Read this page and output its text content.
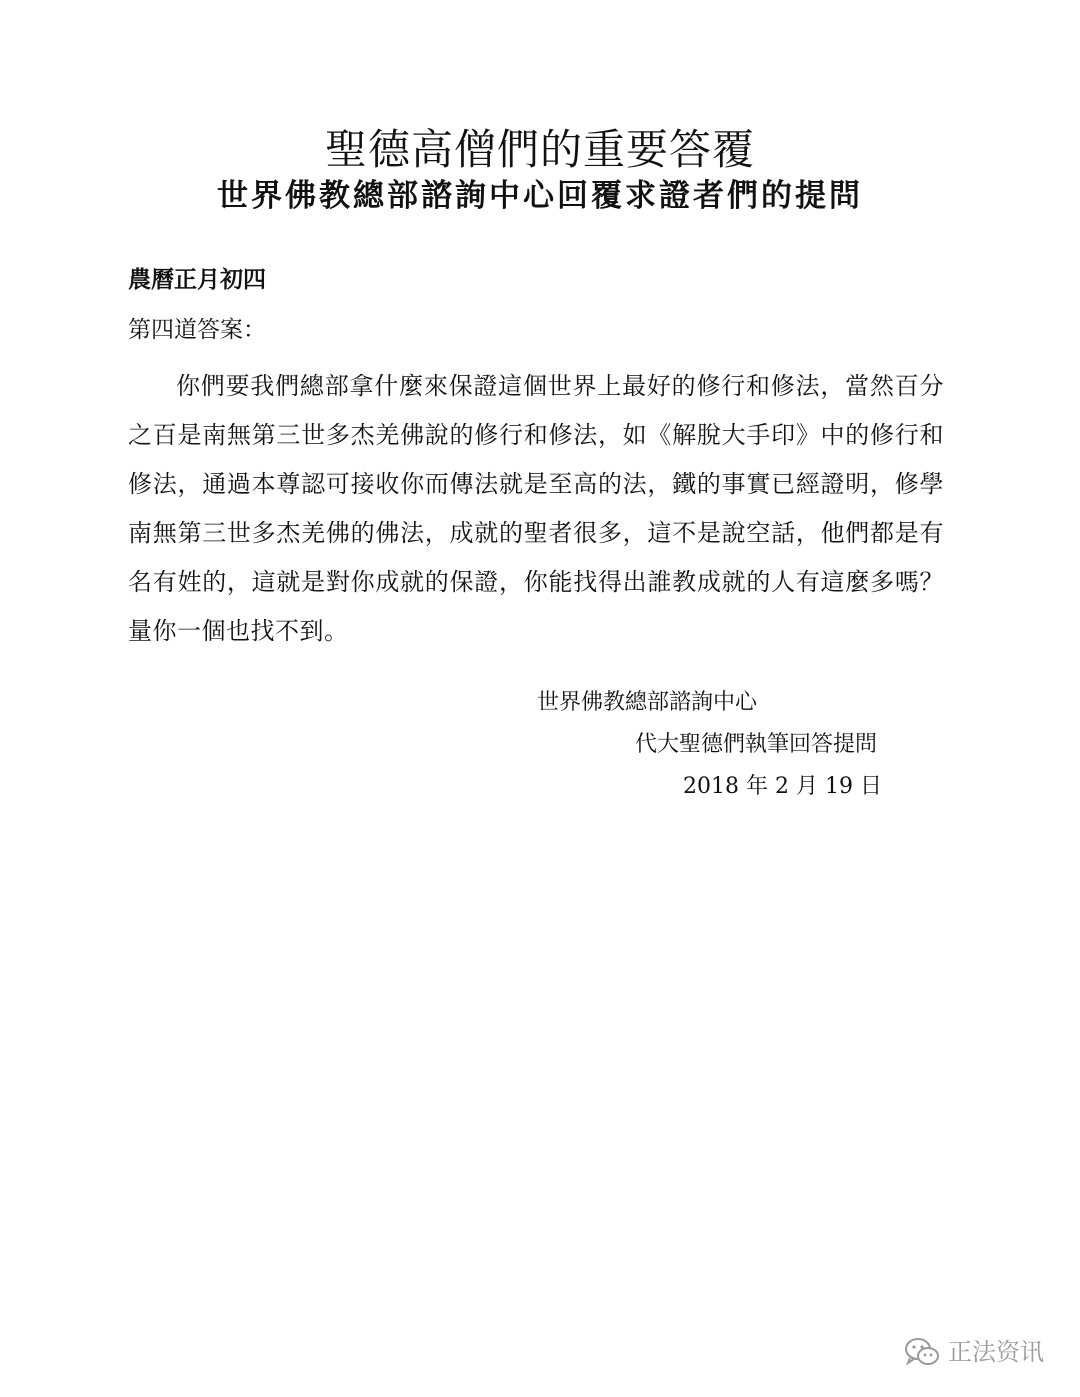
聖德高僧們的重要答覆
世界佛教總部諮詢中心回覆求證者們的提問

農曆正月初四

第四道答案：

你們要我們總部拿什麼來保證這個世界上最好的修行和修法，當然百分之百是南無第三世多杰羌佛說的修行和修法，如《解脫大手印》中的修行和修法，通過本尊認可接收你而傳法就是至高的法，鐵的事實已經證明，修學南無第三世多杰羌佛的佛法，成就的聖者很多，這不是說空話，他們都是有名有姓的，這就是對你成就的保證，你能找得出誰教成就的人有這麼多嗎？量你一個也找不到。

世界佛教總部諮詢中心

代大聖德們執筆回答提問

2018 年 2 月 19 日

正法资讯
